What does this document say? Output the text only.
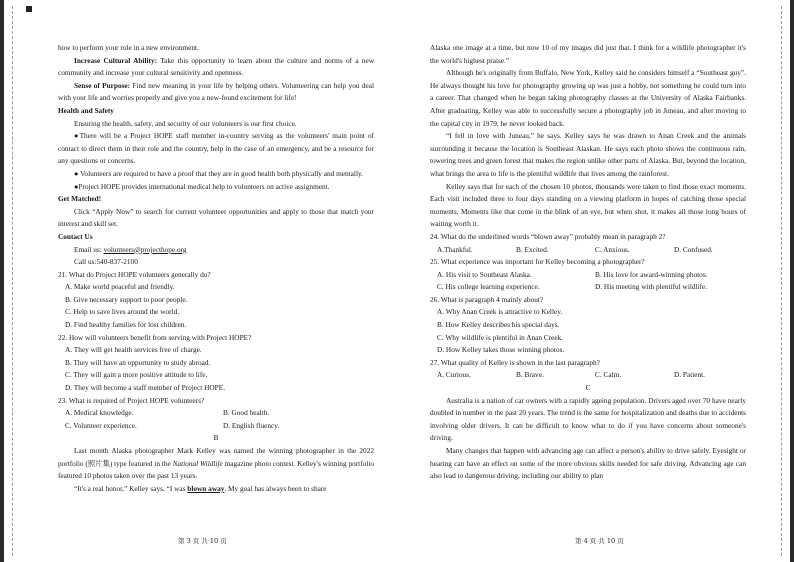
how to perform your role in a new environment.

Increase Cultural Ability: Take this opportunity to learn about the culture and norms of a new community and increase your cultural sensitivity and openness.

Sense of Purpose: Find new meaning in your life by helping others. Volunteering can help you deal with your life and worries properly and give you a new-found excitement for life!

Health and Safety

Ensuring the health, safety, and security of our volunteers is our first choice.

●There will be a Project HOPE staff member in-country serving as the volunteers' main point of contact to direct them in their role and the country, help in the case of an emergency, and be a resource for any questions or concerns.

● Volunteers are required to have a proof that they are in good health both physically and mentally.

●Project HOPE provides international medical help to volunteers on active assignment.

Get Matched!

Click “Apply Now” to search for current volunteer opportunities and apply to those that match your interest and skill set.

Contact Us

Email us: volunteers@projecthope.org

Call us:540-837-2100

21. What do Project HOPE volunteers generally do?

A. Make world peaceful and friendly.

B. Give necessary support to poor people.

C. Help to save lives around the world.

D. Find healthy families for lost children.

22. How will volunteers benefit from serving with Project HOPE?

A. They will get health services free of charge.

B. They will have an opportunity to study abroad.

C. They will gain a more positive attitude to life.

D. They will become a staff member of Project HOPE.

23. What is required of Project HOPE volunteers?

A. Medical knowledge.	B. Good health.
C. Volunteer experience.	D. English fluency.

B

Last month Alaska photographer Mark Kelley was named the winning photographer in the 2022 portfolio (照片集) type featured in the National Wildlife magazine photo contest. Kelley's winning portfolio featured 10 photos taken over the past 13 years.

“It's a real honor,” Kelley says. “I was blown away. My goal has always been to share

Alaska one image at a time, but now 10 of my images did just that. I think for a wildlife photographer it's the world's highest praise.”

Although he's originally from Buffalo, New York, Kelley said he considers himself a “Southeast guy”. He always thought his love for photography growing up was just a hobby, not something he could turn into a career. That changed when he began taking photography classes at the University of Alaska Fairbanks. After graduating, Kelley was able to successfully secure a photography job in Juneau, and after moving to the capital city in 1979, he never looked back.

“I fell in love with Juneau,” he says. Kelley says he was drawn to Anan Creek and the animals surrounding it because the location is Southeast Alaskan. He says each photo shows the continuous rain, towering trees and green forest that makes the region unlike other parts of Alaska. But, beyond the location, what brings the area to life is the plentiful wildlife that lives among the rainforest.

Kelley says that for each of the chosen 10 photos, thousands were taken to find those exact moments. Each visit included three to four days standing on a viewing platform in hopes of catching those special moments. Moments like that come in the blink of an eye, but when shot, it makes all those long hours of waiting worth it.

24. What do the underlined words “blown away” probably mean in paragraph 2?

A.Thankful.	B. Excited.	C. Anxious.	D. Confused.

25. What experience was important for Kelley becoming a photographer?

A. His visit to Southeast Alaska.	B. His love for award-winning photos.
C. His college learning experience.	D. His meeting with plentiful wildlife.

26. What is paragraph 4 mainly about?

A. Why Anan Creek is attractive to Kelley.

B. How Kelley describes his special days.

C. Why wildlife is plentiful in Anan Creek.

D. How Kelley takes those winning photos.

27. What quality of Kelley is shown in the last paragraph?

A. Curious.	B. Brave.	C. Calm.	D. Patient.

C

Australia is a nation of car owners with a rapidly ageing population. Drivers aged over 70 have nearly doubled in number in the past 20 years. The trend is the same for hospitalization and deaths due to accidents involving older drivers. It can be difficult to know what to do if you have concerns about someone's driving.

Many changes that happen with advancing age can affect a person's ability to drive safely. Eyesight or hearing can have an effect on some of the more obvious skills needed for safe driving. Advancing age can also lead to dangerous driving, including our ability to plan

第 3 页 共 10 页	第 4 页 共 10 页
